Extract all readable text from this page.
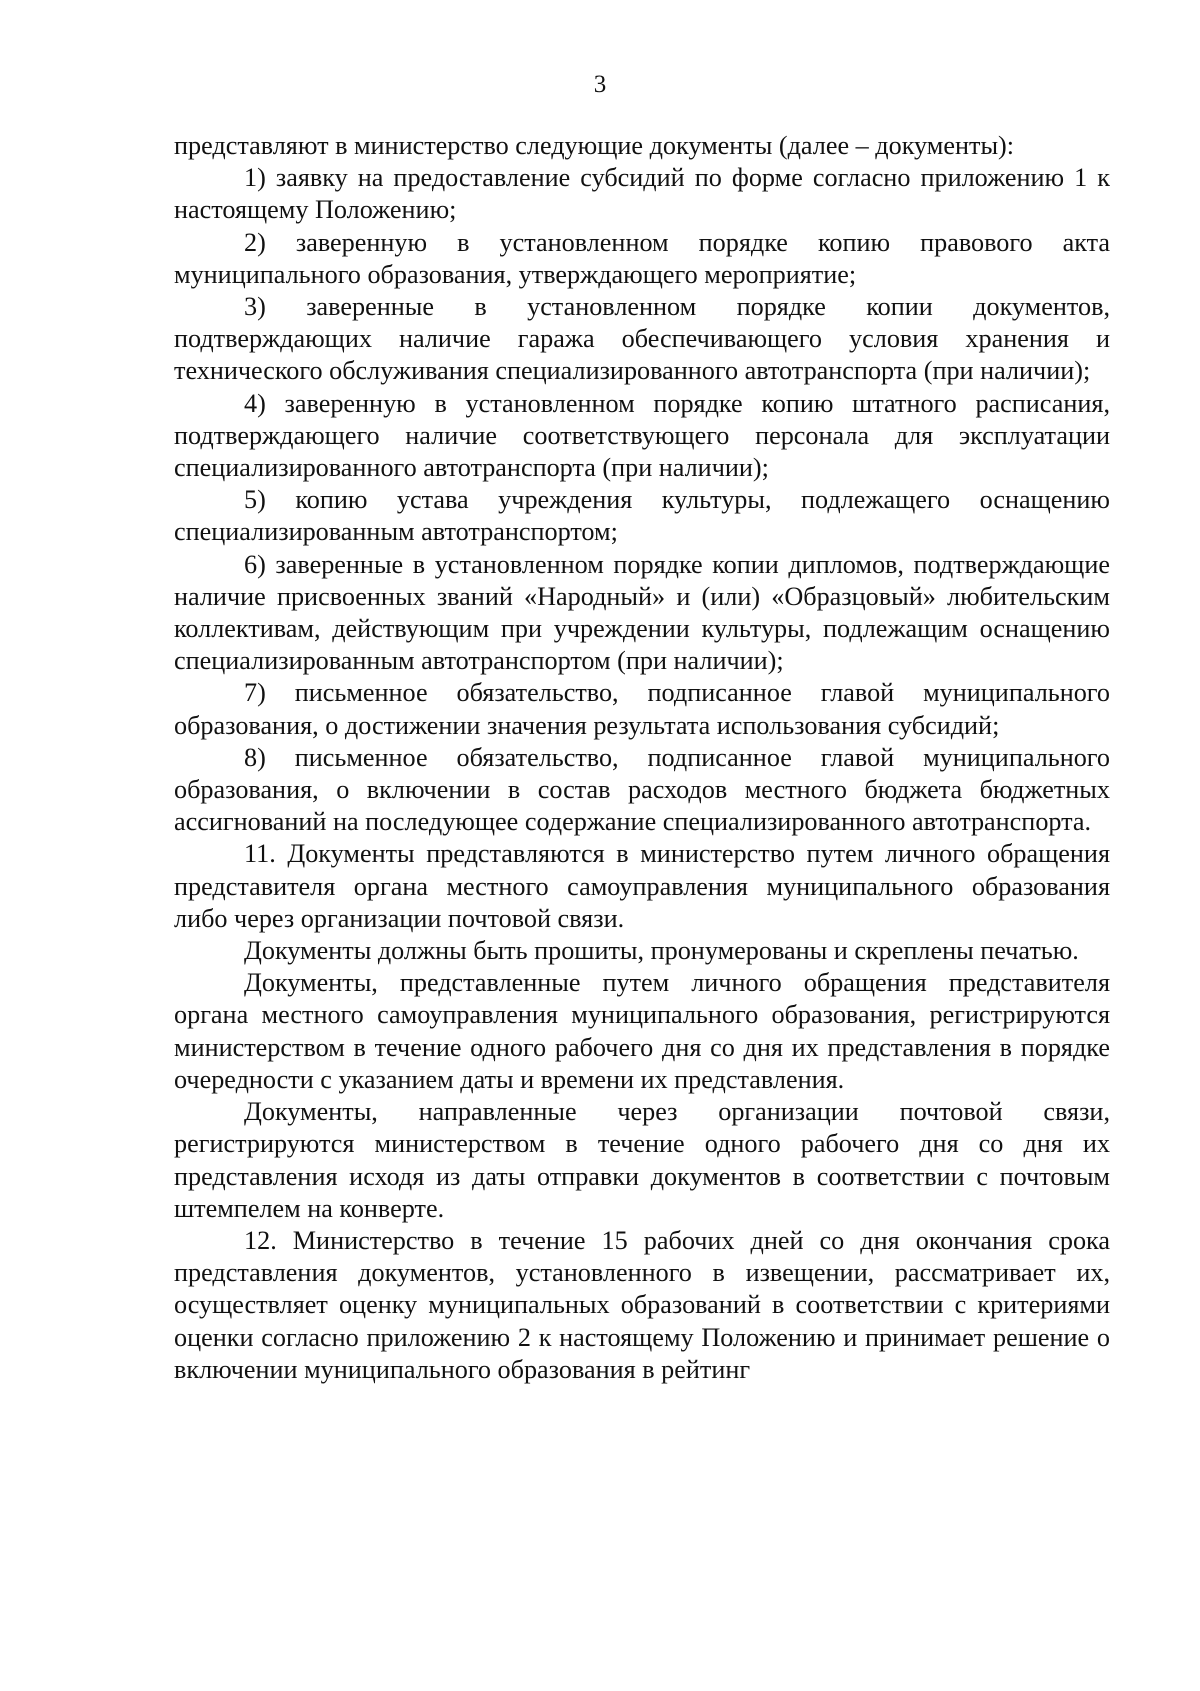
3

представляют в министерство следующие документы (далее – документы):

1) заявку на предоставление субсидий по форме согласно приложению 1 к настоящему Положению;

2) заверенную в установленном порядке копию правового акта муниципального образования, утверждающего мероприятие;

3) заверенные в установленном порядке копии документов, подтверждающих наличие гаража обеспечивающего условия хранения и технического обслуживания специализированного автотранспорта (при наличии);

4) заверенную в установленном порядке копию штатного расписания, подтверждающего наличие соответствующего персонала для эксплуатации специализированного автотранспорта (при наличии);

5) копию устава учреждения культуры, подлежащего оснащению специализированным автотранспортом;

6) заверенные в установленном порядке копии дипломов, подтверждающие наличие присвоенных званий «Народный» и (или) «Образцовый» любительским коллективам, действующим при учреждении культуры, подлежащим оснащению специализированным автотранспортом (при наличии);

7) письменное обязательство, подписанное главой муниципального образования, о достижении значения результата использования субсидий;

8) письменное обязательство, подписанное главой муниципального образования, о включении в состав расходов местного бюджета бюджетных ассигнований на последующее содержание специализированного автотранспорта.

11. Документы представляются в министерство путем личного обращения представителя органа местного самоуправления муниципального образования либо через организации почтовой связи.

Документы должны быть прошиты, пронумерованы и скреплены печатью.

Документы, представленные путем личного обращения представителя органа местного самоуправления муниципального образования, регистрируются министерством в течение одного рабочего дня со дня их представления в порядке очередности с указанием даты и времени их представления.

Документы, направленные через организации почтовой связи, регистрируются министерством в течение одного рабочего дня со дня их представления исходя из даты отправки документов в соответствии с почтовым штемпелем на конверте.

12. Министерство в течение 15 рабочих дней со дня окончания срока представления документов, установленного в извещении, рассматривает их, осуществляет оценку муниципальных образований в соответствии с критериями оценки согласно приложению 2 к настоящему Положению и принимает решение о включении муниципального образования в рейтинг
